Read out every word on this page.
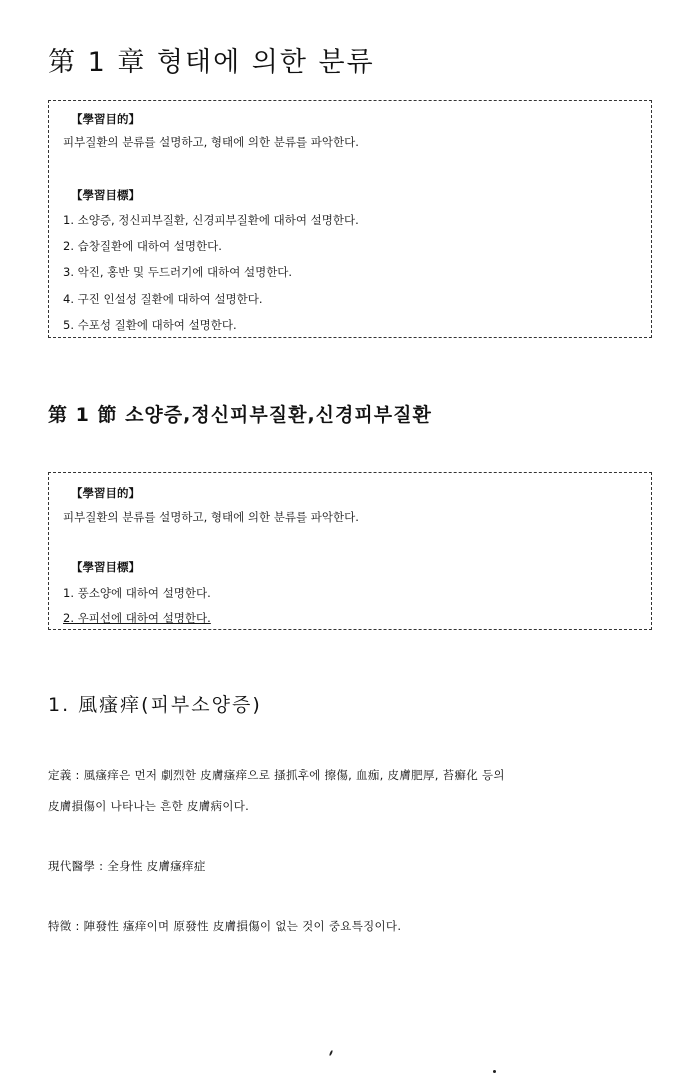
第 1 章 형태에 의한 분류
【學習目的】
피부질환의 분류를 설명하고, 형태에 의한 분류를 파악한다.
【學習目標】
1. 소양증, 정신피부질환, 신경피부질환에 대하여 설명한다.
2. 습창질환에 대하여 설명한다.
3. 악진, 홍반 및 두드러기에 대하여 설명한다.
4. 구진 인설성 질환에 대하여 설명한다.
5. 수포성 질환에 대하여 설명한다.
第 1 節 소양증,정신피부질환,신경피부질환
【學習目的】
피부질환의 분류를 설명하고, 형태에 의한 분류를 파악한다.
【學習目標】
1. 풍소양에 대하여 설명한다.
2. 우피선에 대하여 설명한다.
1. 風瘙痒(피부소양증)
定義 : 風瘙痒은 먼저 劇烈한 皮膚瘙痒으로 搔抓후에 擦傷, 血痂, 皮膚肥厚, 苔癬化 등의
皮膚損傷이 나타나는 흔한 皮膚病이다.
現代醫學 : 全身性 皮膚瘙痒症
特徵 : 陣發性 瘙痒이며 原發性 皮膚損傷이 없는 것이 중요특징이다.
